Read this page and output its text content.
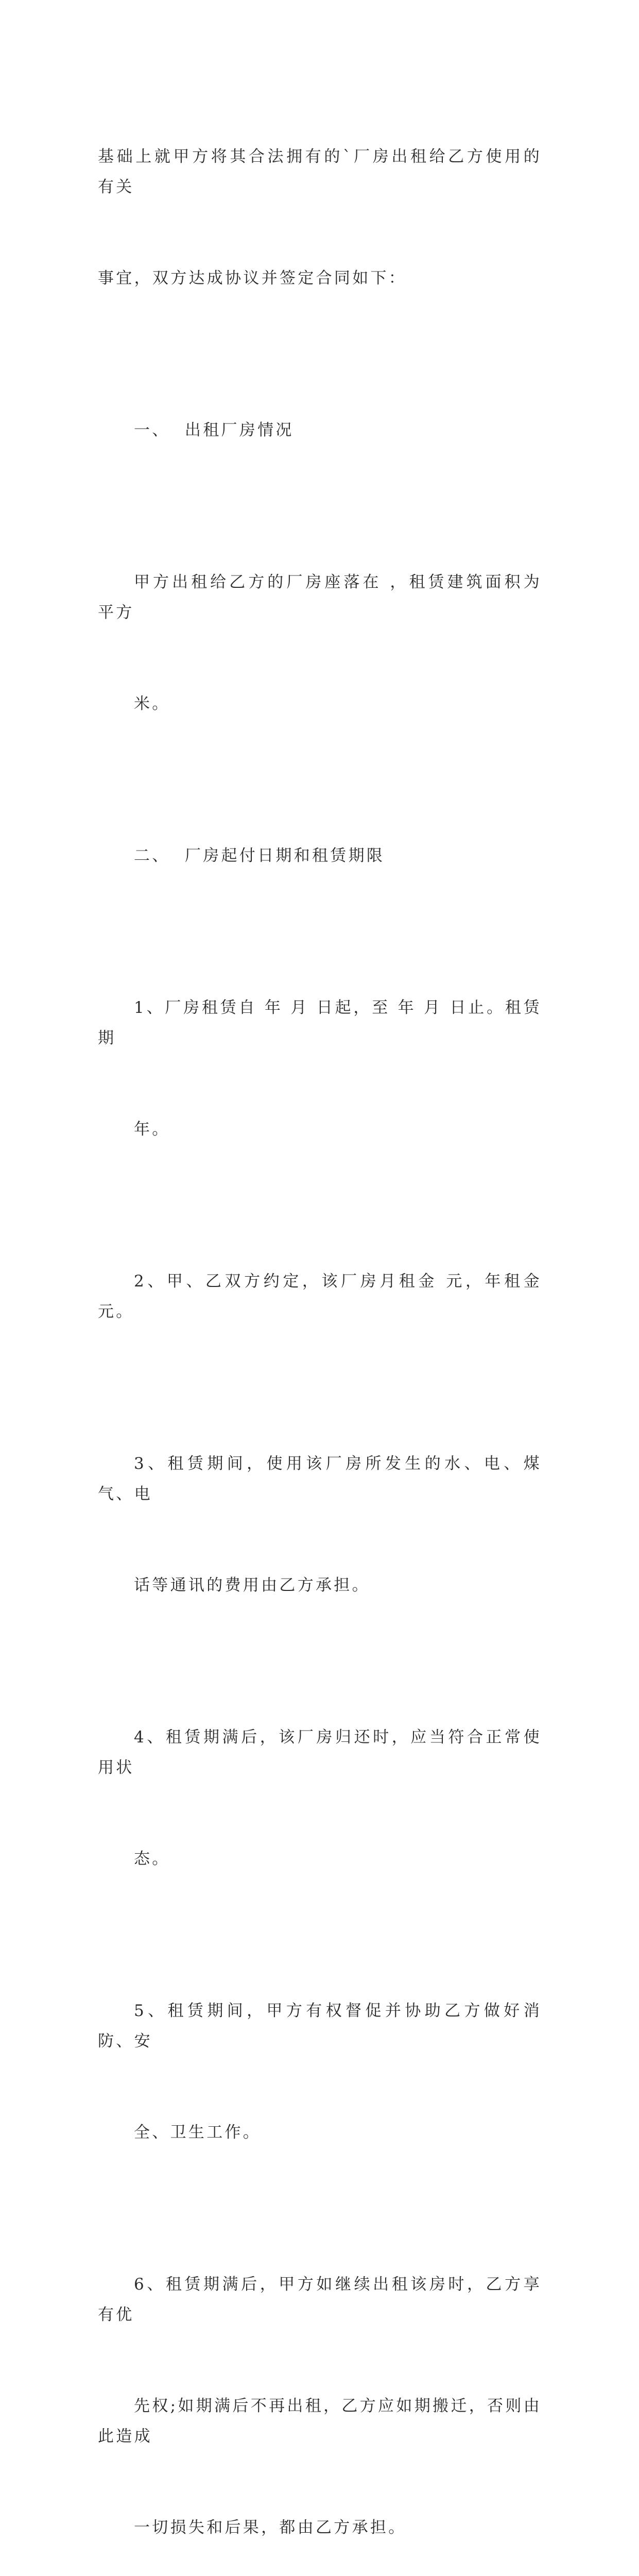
基础上就甲方将其合法拥有的`厂房出租给乙方使用的有关

事宜，双方达成协议并签定合同如下：

一、  出租厂房情况

甲方出租给乙方的厂房座落在 ，租赁建筑面积为 平方

米。

二、  厂房起付日期和租赁期限

1、厂房租赁自 年 月 日起，至 年 月 日止。租赁期

年。

2、甲、乙双方约定，该厂房月租金 元，年租金 元。

3、租赁期间，使用该厂房所发生的水、电、煤气、电

话等通讯的费用由乙方承担。

4、租赁期满后，该厂房归还时，应当符合正常使用状

态。

5、租赁期间，甲方有权督促并协助乙方做好消防、安

全、卫生工作。

6、租赁期满后，甲方如继续出租该房时，乙方享有优

先权;如期满后不再出租，乙方应如期搬迁，否则由此造成

一切损失和后果，都由乙方承担。
